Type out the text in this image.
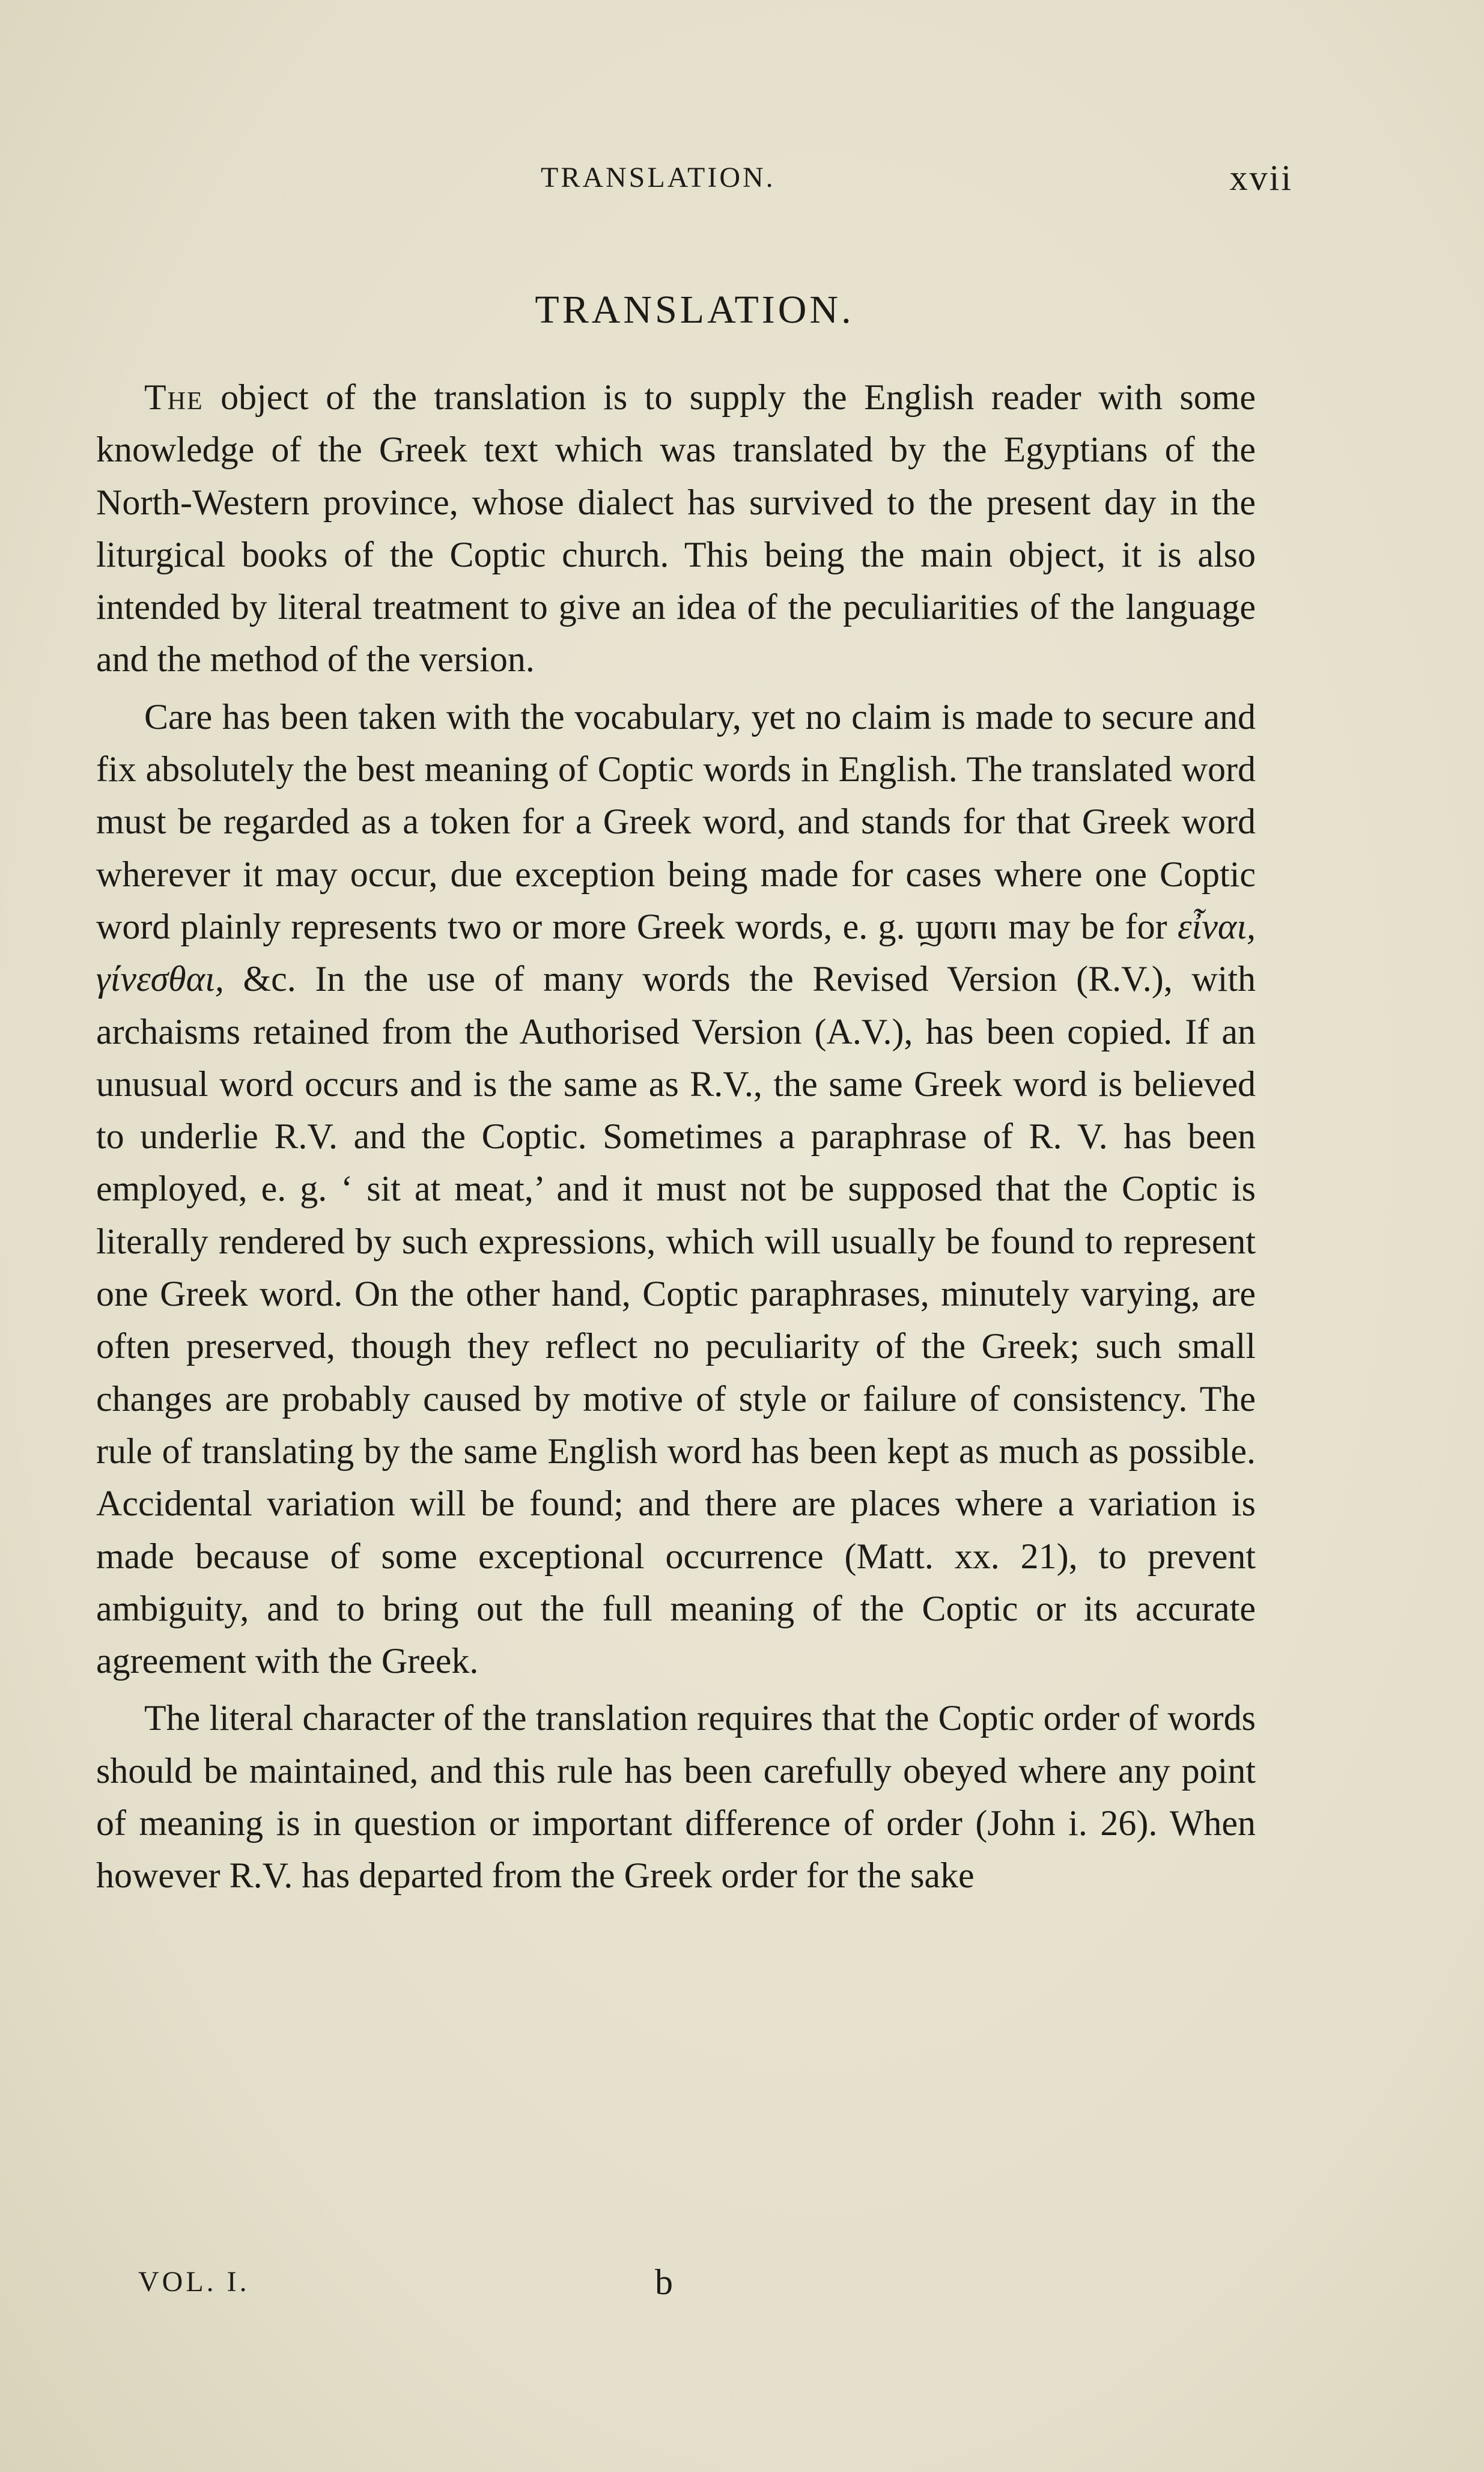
TRANSLATION.	xvii
TRANSLATION.

The object of the translation is to supply the English reader with some knowledge of the Greek text which was translated by the Egyptians of the North-Western province, whose dialect has survived to the present day in the liturgical books of the Coptic church. This being the main object, it is also intended by literal treatment to give an idea of the peculiarities of the language and the method of the version.

Care has been taken with the vocabulary, yet no claim is made to secure and fix absolutely the best meaning of Coptic words in English. The translated word must be regarded as a token for a Greek word, and stands for that Greek word wherever it may occur, due exception being made for cases where one Coptic word plainly represents two or more Greek words, e. g. ϣⲱⲡⲓ may be for εἶναι, γίνεσθαι, &c. In the use of many words the Revised Version (R.V.), with archaisms retained from the Authorised Version (A.V.), has been copied. If an unusual word occurs and is the same as R.V., the same Greek word is believed to underlie R.V. and the Coptic. Sometimes a paraphrase of R. V. has been employed, e. g. ‘ sit at meat,’ and it must not be supposed that the Coptic is literally rendered by such expressions, which will usually be found to represent one Greek word. On the other hand, Coptic paraphrases, minutely varying, are often preserved, though they reflect no peculiarity of the Greek; such small changes are probably caused by motive of style or failure of consistency. The rule of translating by the same English word has been kept as much as possible. Accidental variation will be found; and there are places where a variation is made because of some exceptional occurrence (Matt. xx. 21), to prevent ambiguity, and to bring out the full meaning of the Coptic or its accurate agreement with the Greek.

The literal character of the translation requires that the Coptic order of words should be maintained, and this rule has been carefully obeyed where any point of meaning is in question or important difference of order (John i. 26). When however R.V. has departed from the Greek order for the sake

VOL. I.	b
